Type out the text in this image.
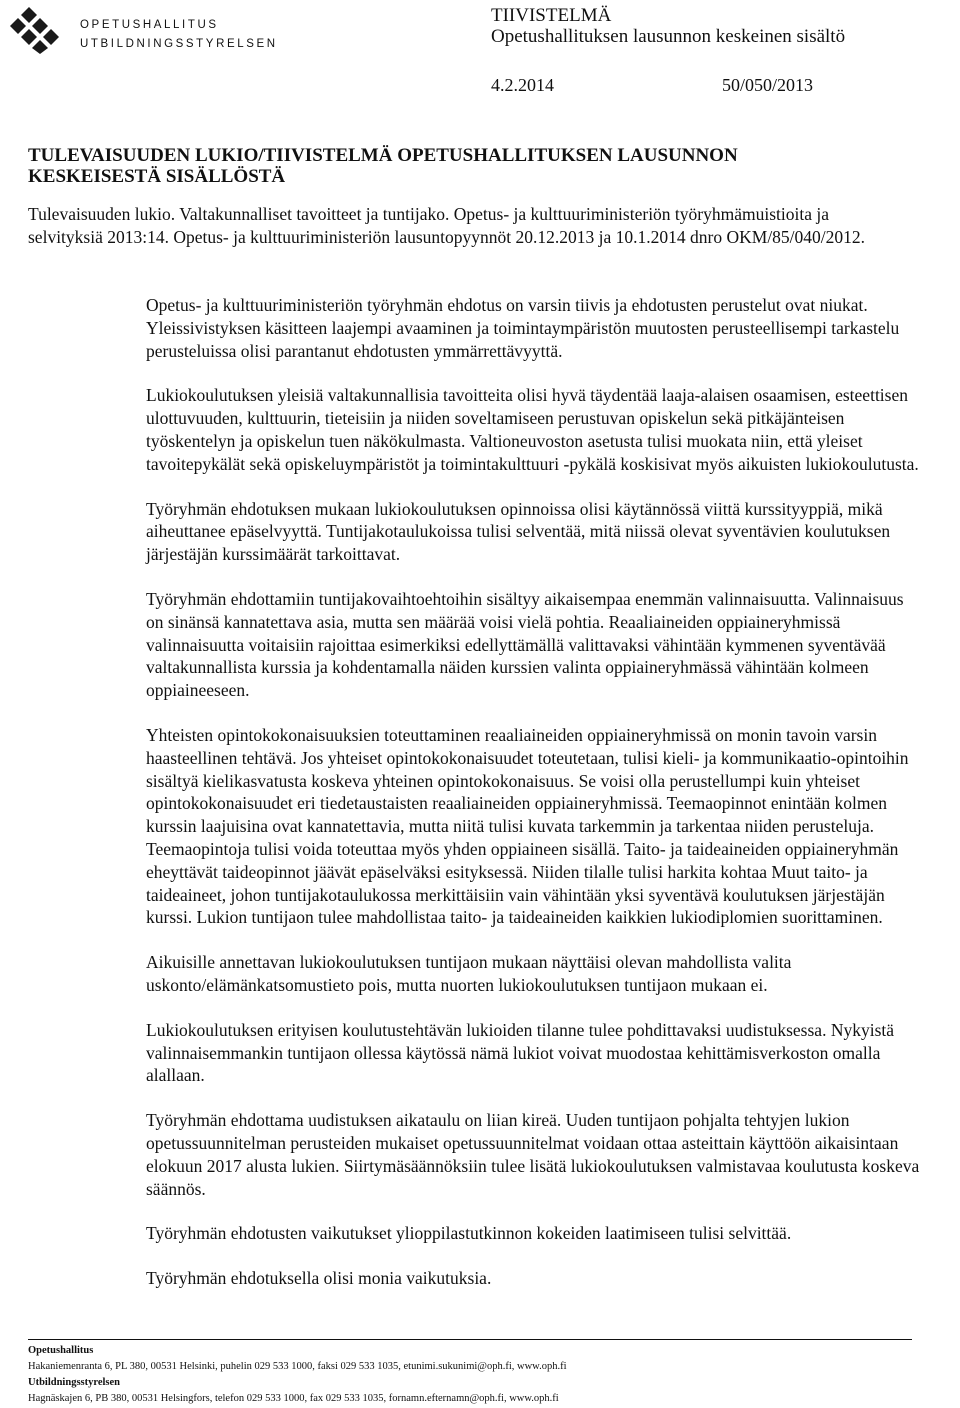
OPETUSHALLITUS
UTBILDNINGSSTYRELSEN
TIIVISTELMÄ
Opetushallituksen lausunnon keskeinen sisältö
4.2.2014	50/050/2013
TULEVAISUUDEN LUKIO/TIIVISTELMÄ OPETUSHALLITUKSEN LAUSUNNON
KESKEISESTÄ SISÄLLÖSTÄ

Tulevaisuuden lukio. Valtakunnalliset tavoitteet ja tuntijako. Opetus- ja kulttuuriministeriön työryhmämuistioita ja selvityksiä 2013:14. Opetus- ja kulttuuriministeriön lausuntopyynnöt 20.12.2013 ja 10.1.2014 dnro OKM/85/040/2012.

Opetus- ja kulttuuriministeriön työryhmän ehdotus on varsin tiivis ja ehdotusten perustelut ovat niukat. Yleissivistyksen käsitteen laajempi avaaminen ja toimintaympäristön muutosten perusteellisempi tarkastelu perusteluissa olisi parantanut ehdotusten ymmärrettävyyttä.

Lukiokoulutuksen yleisiä valtakunnallisia tavoitteita olisi hyvä täydentää laaja-alaisen osaamisen, esteettisen ulottuvuuden, kulttuurin, tieteisiin ja niiden soveltamiseen perustuvan opiskelun sekä pitkäjänteisen työskentelyn ja opiskelun tuen näkökulmasta. Valtioneuvoston asetusta tulisi muokata niin, että yleiset tavoitepykälät sekä opiskeluympäristöt ja toimintakulttuuri -pykälä koskisivat myös aikuisten lukiokoulutusta.

Työryhmän ehdotuksen mukaan lukiokoulutuksen opinnoissa olisi käytännössä viittä kurssityyppiä, mikä aiheuttanee epäselvyyttä. Tuntijakotaulukoissa tulisi selventää, mitä niissä olevat syventävien koulutuksen järjestäjän kurssimäärät tarkoittavat.

Työryhmän ehdottamiin tuntijakovaihtoehtoihin sisältyy aikaisempaa enemmän valinnaisuutta. Valinnaisuus on sinänsä kannatettava asia, mutta sen määrää voisi vielä pohtia. Reaaliaineiden oppiaineryhmissä valinnaisuutta voitaisiin rajoittaa esimerkiksi edellyttämällä valittavaksi vähintään kymmenen syventävää valtakunnallista kurssia ja kohdentamalla näiden kurssien valinta oppiaineryhmässä vähintään kolmeen oppiaineeseen.

Yhteisten opintokokonaisuuksien toteuttaminen reaaliaineiden oppiaineryhmissä on monin tavoin varsin haasteellinen tehtävä. Jos yhteiset opintokokonaisuudet toteutetaan, tulisi kieli- ja kommunikaatio-opintoihin sisältyä kielikasvatusta koskeva yhteinen opintokokonaisuus. Se voisi olla perustellumpi kuin yhteiset opintokokonaisuudet eri tiedetaustaisten reaaliaineiden oppiaineryhmissä. Teemaopinnot enintään kolmen kurssin laajuisina ovat kannatettavia, mutta niitä tulisi kuvata tarkemmin ja tarkentaa niiden perusteluja. Teemaopintoja tulisi voida toteuttaa myös yhden oppiaineen sisällä. Taito- ja taideaineiden oppiaineryhmän eheyttävät taideopinnot jäävät epäselväksi esityksessä. Niiden tilalle tulisi harkita kohtaa Muut taito- ja taideaineet, johon tuntijakotaulukossa merkittäisiin vain vähintään yksi syventävä koulutuksen järjestäjän kurssi. Lukion tuntijaon tulee mahdollistaa taito- ja taideaineiden kaikkien lukiodiplomien suorittaminen.

Aikuisille annettavan lukiokoulutuksen tuntijaon mukaan näyttäisi olevan mahdollista valita uskonto/elämänkatsomustieto pois, mutta nuorten lukiokoulutuksen tuntijaon mukaan ei.

Lukiokoulutuksen erityisen koulutustehtävän lukioiden tilanne tulee pohdittavaksi uudistuksessa. Nykyistä valinnaisemmankin tuntijaon ollessa käytössä nämä lukiot voivat muodostaa kehittämisverkoston omalla alallaan.

Työryhmän ehdottama uudistuksen aikataulu on liian kireä. Uuden tuntijaon pohjalta tehtyjen lukion opetussuunnitelman perusteiden mukaiset opetussuunnitelmat voidaan ottaa asteittain käyttöön aikaisintaan elokuun 2017 alusta lukien. Siirtymäsäännöksiin tulee lisätä lukiokoulutuksen valmistavaa koulutusta koskeva säännös.

Työryhmän ehdotusten vaikutukset ylioppilastutkinnon kokeiden laatimiseen tulisi selvittää.

Työryhmän ehdotuksella olisi monia vaikutuksia.

Opetushallitus
Hakaniemenranta 6, PL 380, 00531 Helsinki, puhelin 029 533 1000, faksi 029 533 1035, etunimi.sukunimi@oph.fi, www.oph.fi
Utbildningsstyrelsen
Hagnäskajen 6, PB 380, 00531 Helsingfors, telefon 029 533 1000, fax 029 533 1035, fornamn.efternamn@oph.fi, www.oph.fi
